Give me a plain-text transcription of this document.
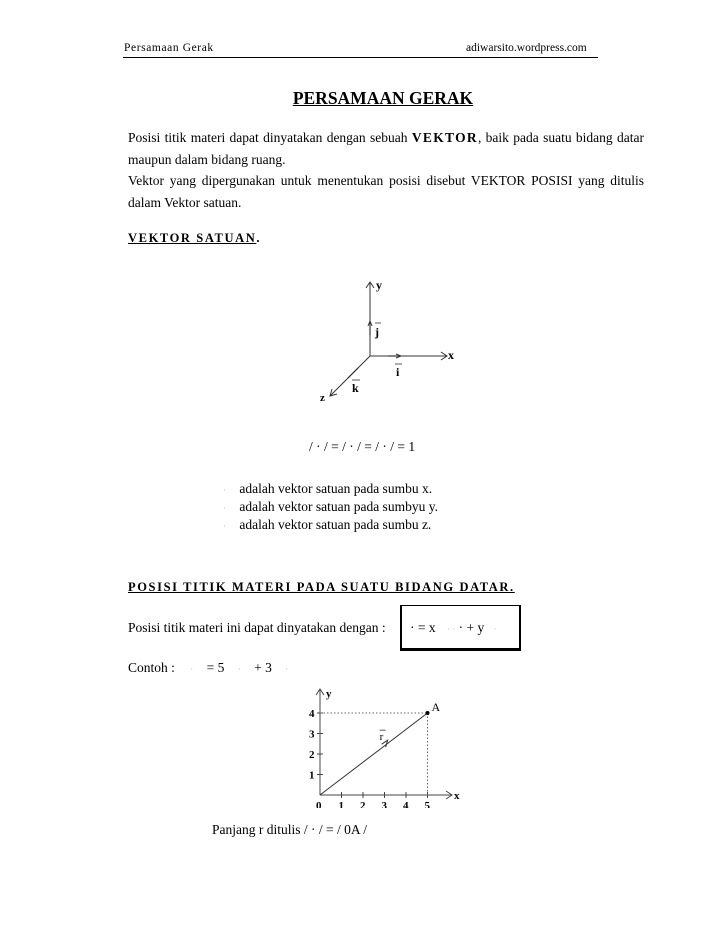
Persamaan Gerak	adiwarsito.wordpress.com
PERSAMAAN GERAK
Posisi titik materi dapat dinyatakan dengan sebuah VEKTOR, baik pada suatu bidang datar maupun dalam bidang ruang.
Vektor yang dipergunakan untuk menentukan posisi disebut VEKTOR POSISI yang ditulis dalam Vektor satuan.
VEKTOR SATUAN.
y
x
z
j
i
k
/ · / = / · / = / · / = 1
· adalah vektor satuan pada sumbu x.
· adalah vektor satuan pada sumbyu y.
· adalah vektor satuan pada sumbu z.
POSISI TITIK MATERI PADA SUATU BIDANG DATAR.
Posisi titik materi ini dapat dinyatakan dengan : · = x · · · + y ·
Contoh : · = 5 · + 3 ·
y
x
0 1 2 3 4 5
1
2
3
4
r
A
Panjang r ditulis / · / = / 0A /
